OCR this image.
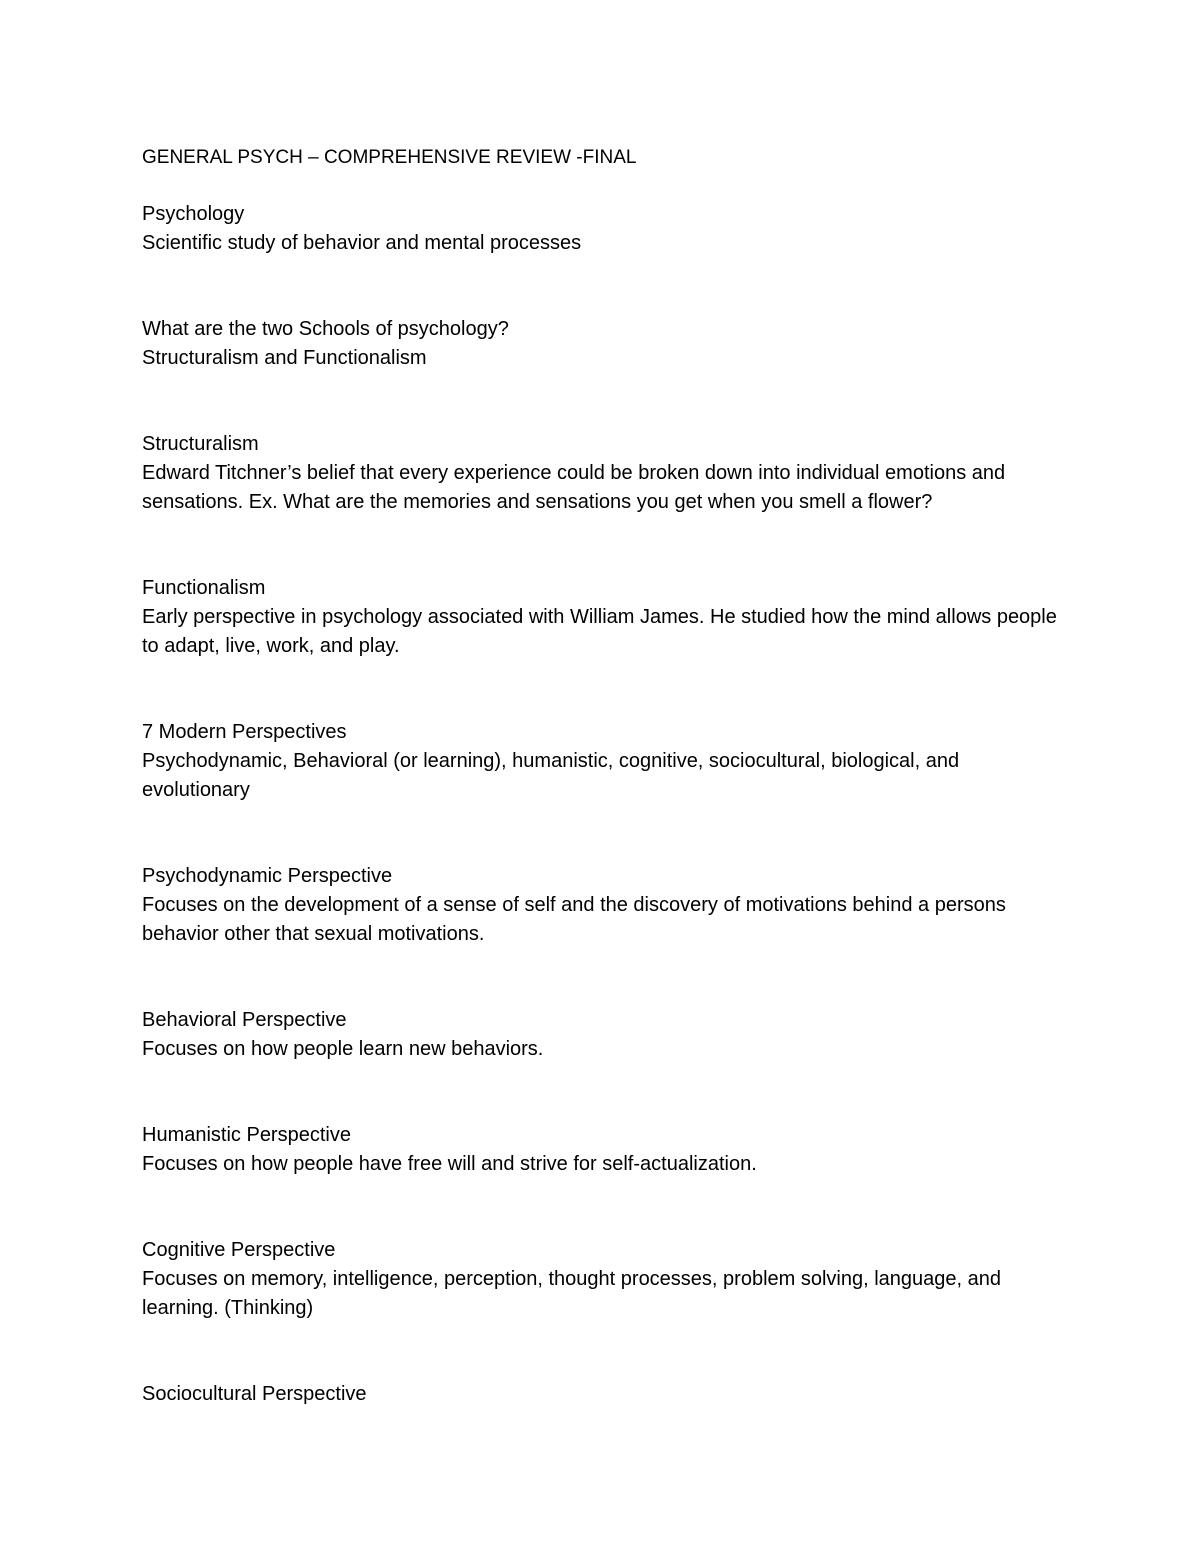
GENERAL PSYCH – COMPREHENSIVE REVIEW -FINAL

Psychology

Scientific study of behavior and mental processes

What are the two Schools of psychology?

Structuralism and Functionalism

Structuralism

Edward Titchner’s belief that every experience could be broken down into individual emotions and sensations. Ex. What are the memories and sensations you get when you smell a flower?

Functionalism

Early perspective in psychology associated with William James. He studied how the mind allows people to adapt, live, work, and play.

7 Modern Perspectives

Psychodynamic, Behavioral (or learning), humanistic, cognitive, sociocultural, biological, and evolutionary

Psychodynamic Perspective

Focuses on the development of a sense of self and the discovery of motivations behind a persons behavior other that sexual motivations.

Behavioral Perspective

Focuses on how people learn new behaviors.

Humanistic Perspective

Focuses on how people have free will and strive for self-actualization.

Cognitive Perspective

Focuses on memory, intelligence, perception, thought processes, problem solving, language, and learning. (Thinking)

Sociocultural Perspective
